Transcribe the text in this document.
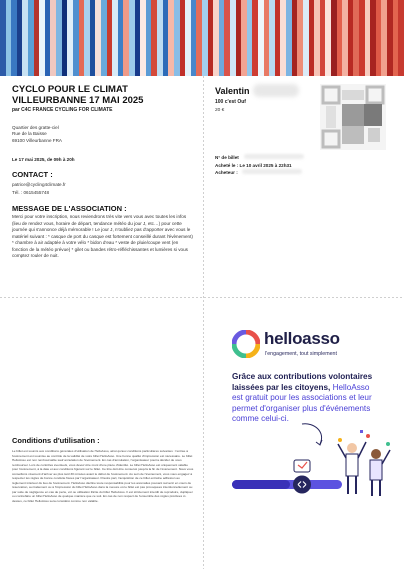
CYCLO POUR LE CLIMAT VILLEURBANNE 17 MAI 2025
par C4C FRANCE CYCLING FOR CLIMATE
Quartier des gratte-ciel
Rue de la Baisse
69100 Villeurbanne FRA
Le 17 mai 2025, de 09h à 20h
CONTACT :
patrice@cycling4climate.fr
Tél. : 0615455748
MESSAGE DE L'ASSOCIATION :
Merci pour votre inscription, nous reviendrons très vite vers vous avec toutes les infos (lieu de rendez vous, horaire de départ, tendance météo du jour J, etc…) pour cette journée qui s'annonce déjà mémorable ! Le jour J, n'oubliez pas d'apporter avec vous le matériel suivant : * casque de port du casque est fortement conseillé durant l'évènement) * chambre à air adaptée à votre vélo * bidon d'eau * veste de pluie/coupe vent (en fonction de la météo prévue) * gilet ou bandes rétro-réfléchissantes et lumières si vous comptez rouler de nuit.
Conditions d'utilisation :
Le billet est soumis aux conditions générales d'utilisation de HelloAsso, ainsi qu'aux conditions particulières suivantes : l'entrée à l'événement est soumise au contrôle de la validité de votre billet HelloAsso. Une bonne qualité d'impression est nécessaire. Le billet HelloAsso est non remboursable sauf annulation de l'événement. En cas d'annulation, l'organisateur pourra décider de vous rembourser. Lors de contrôles éventuels, vous devez être muni d'une pièce d'identité. Le billet HelloAsso est uniquement valable pour l'événement, à la date et aux conditions figurant sur le billet. Ce titre doit être conservé jusqu'à la fin de l'événement. Nous vous conseillons vivement d'arriver au plus tard 30 minutes avant le début de l'événement. Au sein de l'événement, vous vous engagez à respecter les règles de bonne conduite fixées par l'organisateur. D'autre part, l'acquisition de ce billet entraîne adhésion au règlement intérieur du lieu de l'événement. HelloAsso décline toute responsabilité pour les anomalies pouvant survenir en cours de réservation, au traitement ou à l'impression du billet HelloAsso dans la mesure où le billet est pas provoquées intentionnellement ou par suite de négligence en cas de perte, vol ou utilisation illicite du billet HelloAsso. Il est strictement interdit de reproduire, dupliquer ou contrefaire un billet HelloAsso de quelque manière que ce soit. En cas de non respect de l'ensemble des règles précitées ci-dessus, ce billet HelloAsso sera considéré comme non valable.
Valentin
100 c'est Ouf
20 €
N° de billet
Acheté le : Le 10 avril 2025 à 22h31
Acheteur :
helloasso
l'engagement, tout simplement
Grâce aux contributions volontaires laissées par les citoyens, HelloAsso est gratuit pour les associations et leur permet d'organiser plus d'événements comme celui-ci.
